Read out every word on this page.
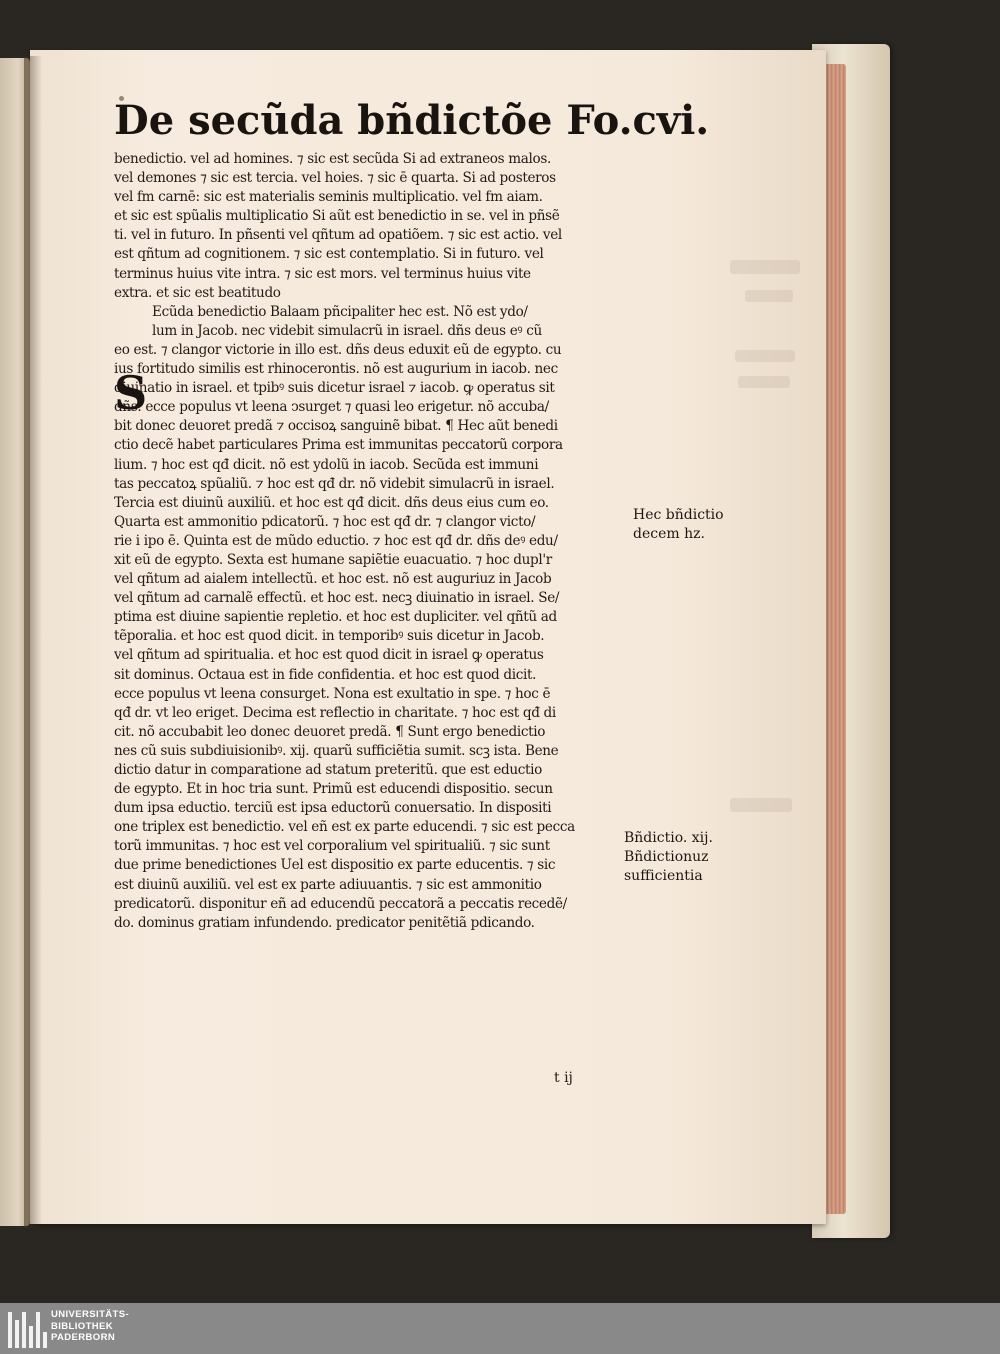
De secũda bñdictõe Fo.cvi.
benedictio. vel ad homines. ⁊ sic est secũda Si ad extraneos malos.
vel demones ⁊ sic est tercia. vel hoies. ⁊ sic ē quarta. Si ad posteros
vel fm carnē: sic est materialis seminis multiplicatio. vel fm aiam.
et sic est spũalis multiplicatio Si aũt est benedictio in se. vel in pñsẽ
ti. vel in futuro. In pñsenti vel qñtum ad opatiõem. ⁊ sic est actio. vel
est qñtum ad cognitionem. ⁊ sic est contemplatio. Si in futuro. vel
terminus huius vite intra. ⁊ sic est mors. vel terminus huius vite
extra. et sic est beatitudo
Ecũda benedictio Balaam pñcipaliter hec est. Nõ est ydo/
lum in Jacob. nec videbit simulacrũ in israel. dñs deus eꝰ cũ
eo est. ⁊ clangor victorie in illo est. dñs deus eduxit eũ de egypto. cu
ius fortitudo similis est rhinocerontis. nõ est augurium in iacob. nec
diuinatio in israel. et tpibꝰ suis dicetur israel ⁊ iacob. ꝙ operatus sit
dñs. ecce populus vt leena ↄsurget ⁊ quasi leo erigetur. nõ accuba/
bit donec deuoret predã ⁊ occisoꝝ sanguinẽ bibat. ¶ Hec aũt benedi
ctio decẽ habet particulares Prima est immunitas peccatorũ corpora
lium. ⁊ hoc est qđ dicit. nõ est ydolũ in iacob. Secũda est immuni
tas peccatoꝝ spũaliũ. ⁊ hoc est qđ dr. nõ videbit simulacrũ in israel.
Tercia est diuinũ auxiliũ. et hoc est qđ dicit. dñs deus eius cum eo.
Quarta est ammonitio pdicatorũ. ⁊ hoc est qđ dr. ⁊ clangor victo/
rie i ipo ē. Quinta est de mũdo eductio. ⁊ hoc est qđ dr. dñs deꝰ edu/
xit eũ de egypto. Sexta est humane sapiẽtie euacuatio. ⁊ hoc dupl'r
vel qñtum ad aialem intellectũ. et hoc est. nõ est auguriuz in Jacob
vel qñtum ad carnalẽ effectũ. et hoc est. necꝫ diuinatio in israel. Se/
ptima est diuine sapientie repletio. et hoc est dupliciter. vel qñtũ ad
tẽporalia. et hoc est quod dicit. in temporibꝰ suis dicetur in Jacob.
vel qñtum ad spiritualia. et hoc est quod dicit in israel ꝙ operatus
sit dominus. Octaua est in fide confidentia. et hoc est quod dicit.
ecce populus vt leena consurget. Nona est exultatio in spe. ⁊ hoc ē
qđ dr. vt leo eriget. Decima est reflectio in charitate. ⁊ hoc est qđ di
cit. nõ accubabit leo donec deuoret predã. ¶ Sunt ergo benedictio
nes cũ suis subdiuisionibꝰ. xij. quarũ sufficiẽtia sumit. scꝫ ista. Bene
dictio datur in comparatione ad statum preteritũ. que est eductio
de egypto. Et in hoc tria sunt. Primũ est educendi dispositio. secun
dum ipsa eductio. terciũ est ipsa eductorũ conuersatio. In dispositi
one triplex est benedictio. vel eñ est ex parte educendi. ⁊ sic est pecca
torũ immunitas. ⁊ hoc est vel corporalium vel spiritualiũ. ⁊ sic sunt
due prime benedictiones Uel est dispositio ex parte educentis. ⁊ sic
est diuinũ auxiliũ. vel est ex parte adiuuantis. ⁊ sic est ammonitio
predicatorũ. disponitur eñ ad educendũ peccatorã a peccatis recedẽ/
do. dominus gratiam infundendo. predicator penitẽtiã pdicando.
S
Hec bñdictio
decem hz.
Bñdictio. xij.
Bñdictionuz
sufficientia
t ij
UNIVERSITÄTS-
BIBLIOTHEK
PADERBORN
